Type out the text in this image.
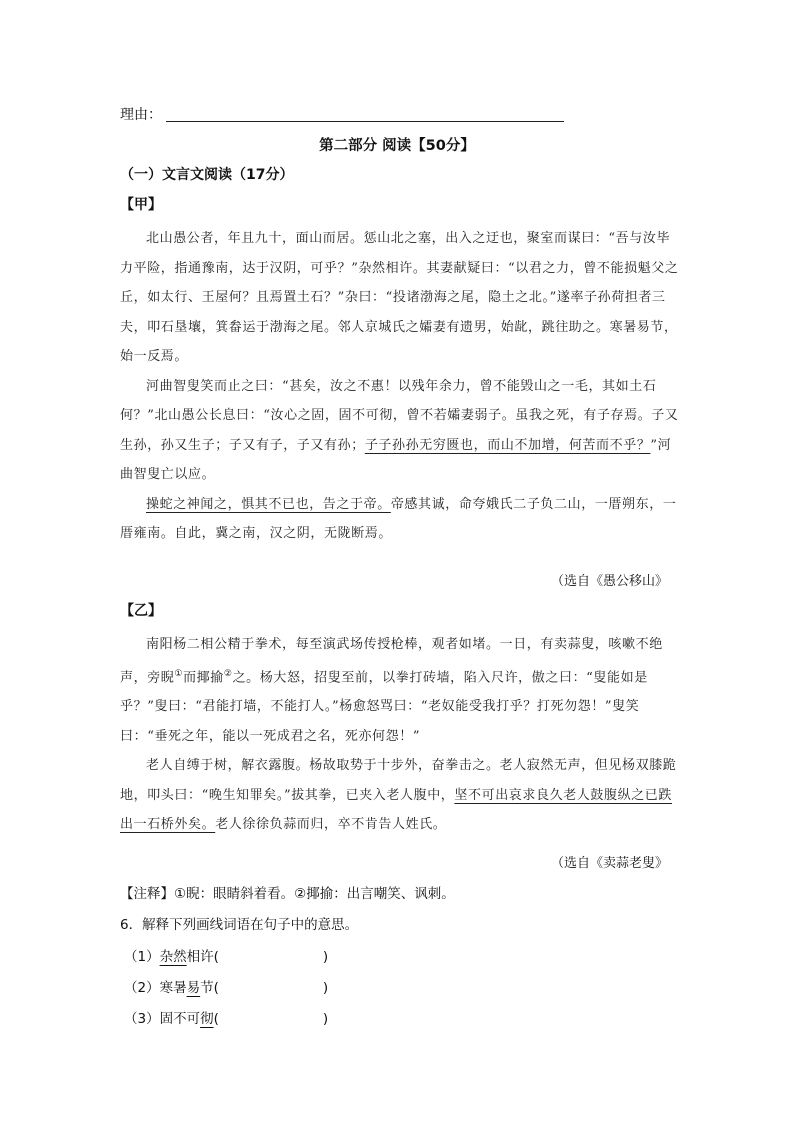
理由：
第二部分 阅读【50分】
（一）文言文阅读（17分）
【甲】

北山愚公者，年且九十，面山而居。惩山北之塞，出入之迂也，聚室而谋曰：“吾与汝毕力平险，指通豫南，达于汉阴，可乎？”杂然相许。其妻献疑曰：“以君之力，曾不能损魁父之丘，如太行、王屋何？且焉置土石？”杂曰：“投诸渤海之尾，隐土之北。”遂率子孙荷担者三夫，叩石垦壤，箕畚运于渤海之尾。邻人京城氏之孀妻有遗男，始龀，跳往助之。寒暑易节，始一反焉。

河曲智叟笑而止之曰：“甚矣，汝之不惠！以残年余力，曾不能毁山之一毛，其如土石何？”北山愚公长息曰：“汝心之固，固不可彻，曾不若孀妻弱子。虽我之死，有子存焉。子又生孙，孙又生子；子又有子，子又有孙；子子孙孙无穷匮也，而山不加增，何苦而不乎？”河曲智叟亡以应。

操蛇之神闻之，惧其不已也，告之于帝。帝感其诚，命夸娥氏二子负二山，一厝朔东，一厝雍南。自此，冀之南，汉之阴，无陇断焉。

（选自《愚公移山》
【乙】

南阳杨二相公精于拳术，每至演武场传授枪棒，观者如堵。一日，有卖蒜叟，咳嗽不绝声，旁睨①而揶揄②之。杨大怒，招叟至前，以拳打砖墙，陷入尺许，傲之曰：“叟能如是乎？”叟曰：“君能打墙，不能打人。”杨愈怒骂曰：“老奴能受我打乎？打死勿怨！”叟笑曰：“垂死之年，能以一死成君之名，死亦何怨！”

老人自缚于树，解衣露腹。杨故取势于十步外，奋拳击之。老人寂然无声，但见杨双膝跪地，叩头曰：“晚生知罪矣。”拔其拳，已夹入老人腹中，坚不可出哀求良久老人鼓腹纵之已跌出一石桥外矣。老人徐徐负蒜而归，卒不肯告人姓氏。

（选自《卖蒜老叟》
【注释】①睨：眼睛斜着看。②揶揄：出言嘲笑、讽刺。
6．解释下列画线词语在句子中的意思。
（1）杂然相许(	)
（2）寒暑易节(	)
（3）固不可彻(	)
